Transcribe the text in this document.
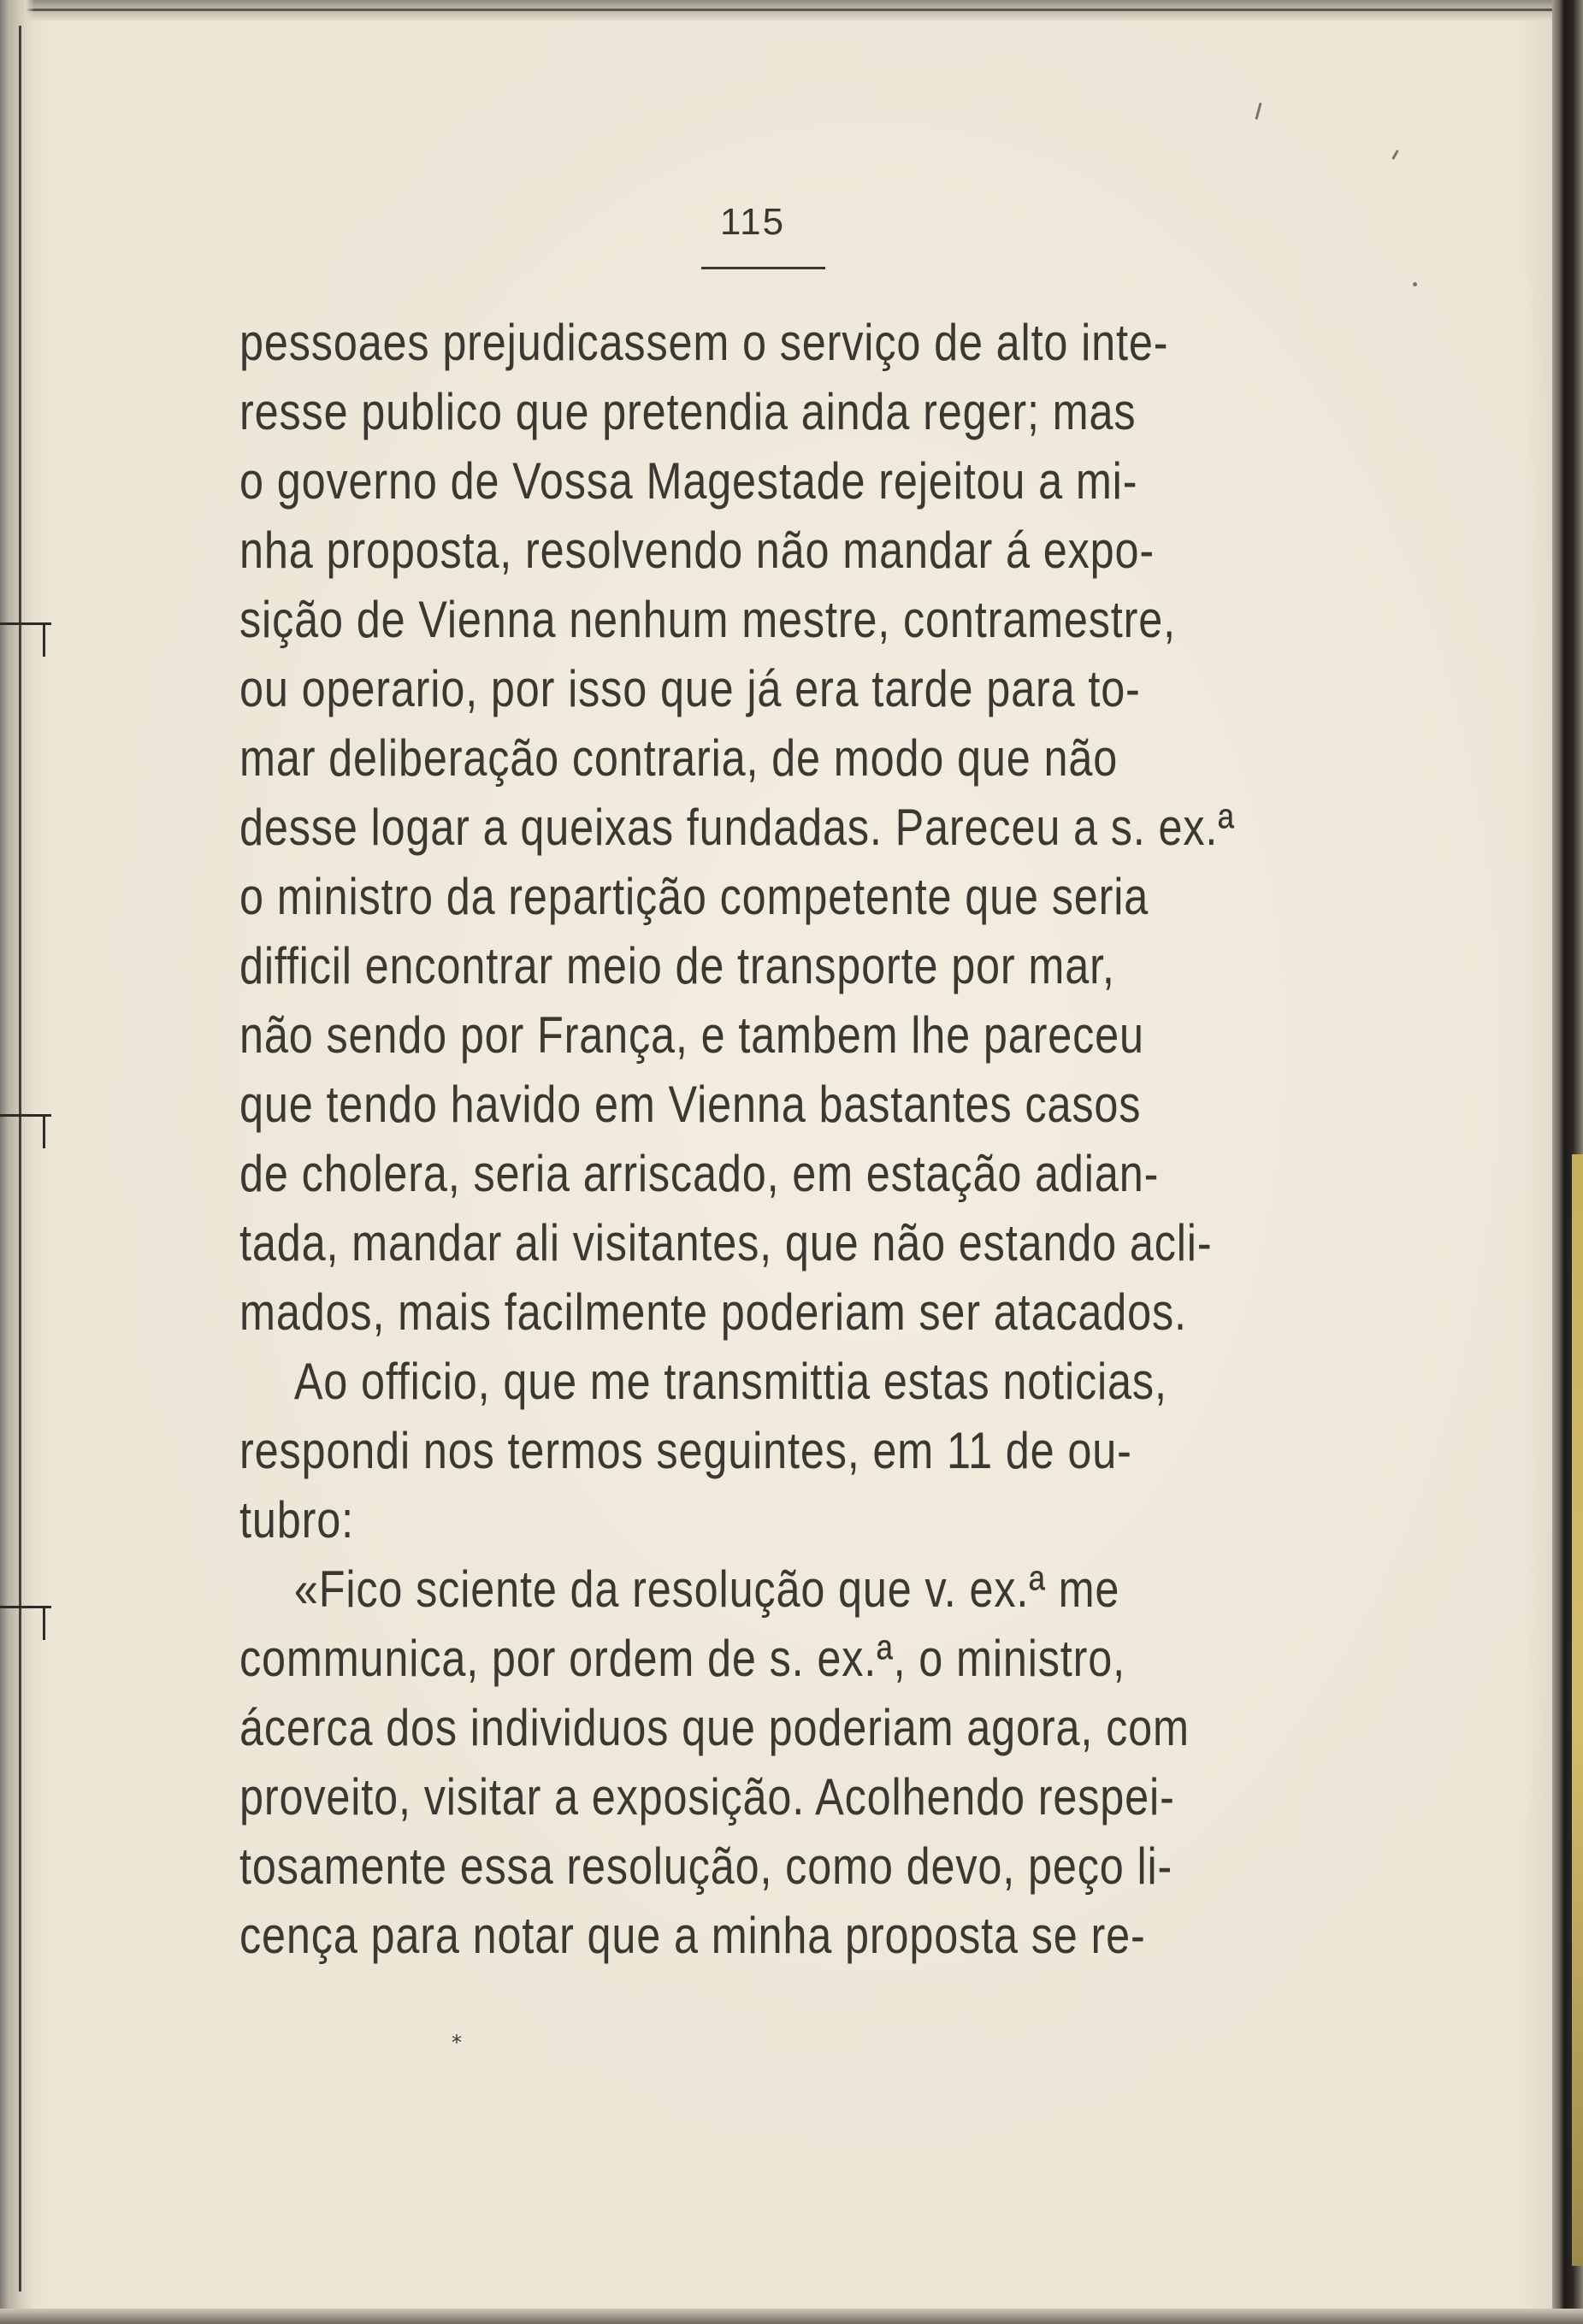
115
pessoaes prejudicassem o serviço de alto inte-
resse publico que pretendia ainda reger; mas
o governo de Vossa Magestade rejeitou a mi-
nha proposta, resolvendo não mandar á expo-
sição de Vienna nenhum mestre, contramestre,
ou operario, por isso que já era tarde para to-
mar deliberação contraria, de modo que não
desse logar a queixas fundadas. Pareceu a s. ex.ª
o ministro da repartição competente que seria
difficil encontrar meio de transporte por mar,
não sendo por França, e tambem lhe pareceu
que tendo havido em Vienna bastantes casos
de cholera, seria arriscado, em estação adian-
tada, mandar ali visitantes, que não estando acli-
mados, mais facilmente poderiam ser atacados.
Ao officio, que me transmittia estas noticias,
respondi nos termos seguintes, em 11 de ou-
tubro:
«Fico sciente da resolução que v. ex.ª me
communica, por ordem de s. ex.ª, o ministro,
ácerca dos individuos que poderiam agora, com
proveito, visitar a exposição. Acolhendo respei-
tosamente essa resolução, como devo, peço li-
cença para notar que a minha proposta se re-
*
